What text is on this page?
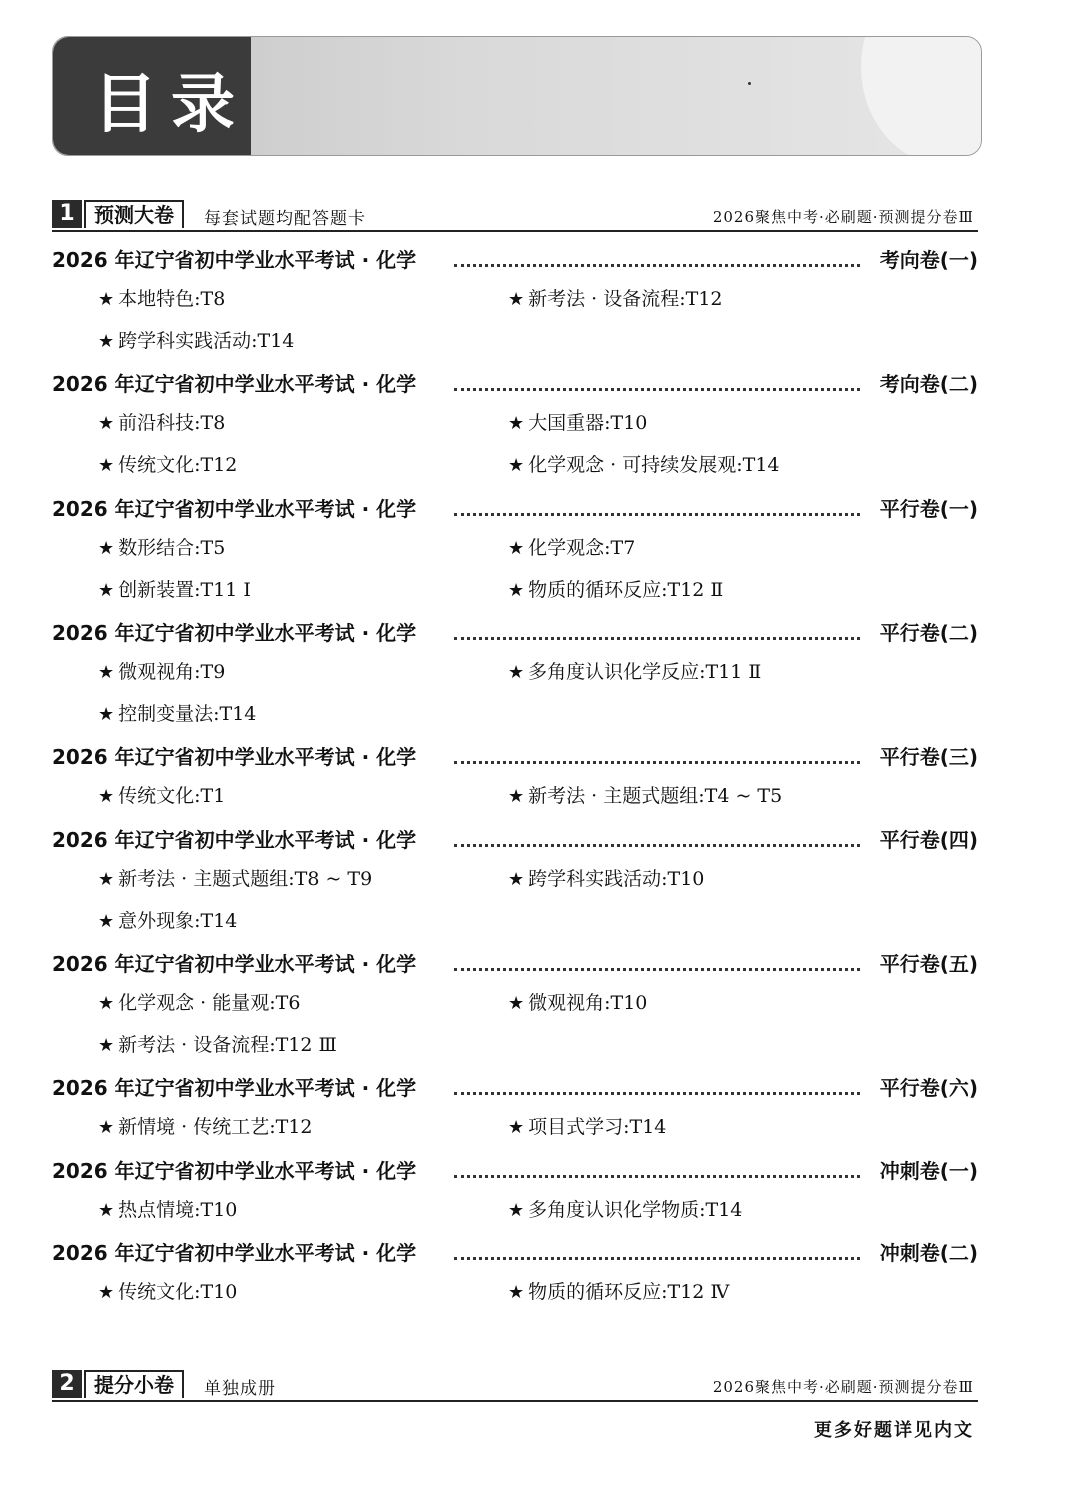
目录
1 预测大卷	每套试题均配答题卡	2026聚焦中考·必刷题·预测提分卷Ⅲ
2026 年辽宁省初中学业水平考试 · 化学	考向卷(一)
★ 本地特色:T8	★ 新考法 · 设备流程:T12
★ 跨学科实践活动:T14
2026 年辽宁省初中学业水平考试 · 化学	考向卷(二)
★ 前沿科技:T8	★ 大国重器:T10
★ 传统文化:T12	★ 化学观念 · 可持续发展观:T14
2026 年辽宁省初中学业水平考试 · 化学	平行卷(一)
★ 数形结合:T5	★ 化学观念:T7
★ 创新装置:T11 Ⅰ	★ 物质的循环反应:T12 Ⅱ
2026 年辽宁省初中学业水平考试 · 化学	平行卷(二)
★ 微观视角:T9	★ 多角度认识化学反应:T11 Ⅱ
★ 控制变量法:T14
2026 年辽宁省初中学业水平考试 · 化学	平行卷(三)
★ 传统文化:T1	★ 新考法 · 主题式题组:T4 ~ T5
2026 年辽宁省初中学业水平考试 · 化学	平行卷(四)
★ 新考法 · 主题式题组:T8 ~ T9	★ 跨学科实践活动:T10
★ 意外现象:T14
2026 年辽宁省初中学业水平考试 · 化学	平行卷(五)
★ 化学观念 · 能量观:T6	★ 微观视角:T10
★ 新考法 · 设备流程:T12 Ⅲ
2026 年辽宁省初中学业水平考试 · 化学	平行卷(六)
★ 新情境 · 传统工艺:T12	★ 项目式学习:T14
2026 年辽宁省初中学业水平考试 · 化学	冲刺卷(一)
★ 热点情境:T10	★ 多角度认识化学物质:T14
2026 年辽宁省初中学业水平考试 · 化学	冲刺卷(二)
★ 传统文化:T10	★ 物质的循环反应:T12 Ⅳ
2 提分小卷	单独成册	2026聚焦中考·必刷题·预测提分卷Ⅲ
更多好题详见内文
